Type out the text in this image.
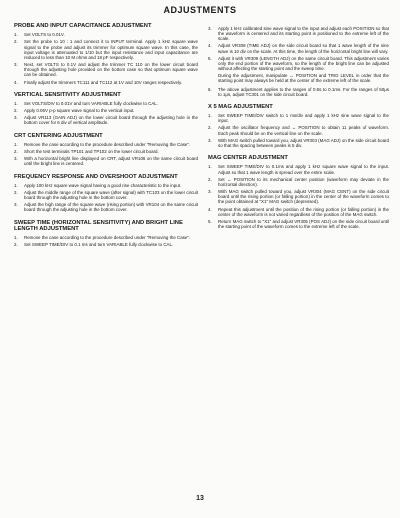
ADJUSTMENTS
PROBE AND INPUT CAPACITANCE ADJUSTMENT
1.	Set VOLTS to 0.01V.
2.	Set the probe to 10 : 1 and connect it to INPUT terminal. Apply 1 kHz square wave signal to the probe and adjust its trimmer for optimum square wave. In this case, the input voltage is attenuated to 1/10 but the input resistance and input capacitance are reduced to less than 10 M ohms and 18 pF respectively.
3.	Next, set VOLTS to 0.1V and adjust the trimmer TC 110 on the lower circuit board through the adjusting hole provided on the bottom case so that optimum square wave can be obtained.
4.	Finally adjust the trimmers TC111 and TC112 at 1V and 10V ranges respectively.
VERTICAL SENSITIVITY ADJUSTMENT
1.	Set VOLTS/DIV to 0.01V and turn VARIABLE fully clockwise to CAL.
2.	Apply 0.06V p-p square wave signal to the vertical input.
3.	Adjust VR113 (GAIN ADJ) on the lower circuit board through the adjusting hole in the bottom cover for 6 div of vertical amplitude.
CRT CENTERING ADJUSTMENT
1.	Remove the case according to the procedure described under "Removing the Case".
2.	Short the test terminals TP101 and TP102 on the lower circuit board.
3.	With a horizontal bright line displayed on CRT, adjust VR106 on the same circuit board until the bright line is centered.
FREQUENCY RESPONSE AND OVERSHOOT ADJUSTMENT
1.	Apply 100 kHz square wave signal having a good rise characteristic to the input.
2.	Adjust the middle range of the square wave (after signal) with TC103 on the lower circuit board through the adjusting hole in the bottom cover.
3.	Adjust the high range of the square wave (rising portion) with VR104 on the same circuit board through the adjusting hole in the bottom cover.
SWEEP TIME (HORIZONTAL SENSITIVITY) AND BRIGHT LINE LENGTH ADJUSTMENT
1.	Remove the case according to the procedure described under "Removing the Case".
2.	Set SWEEP TIME/DIV to 0.1 ms and turn VARIABLE fully clockwise to CAL.
3.	Apply 1 kHz calibrated sine wave signal to the input and adjust each POSITION so that the waveform is centered and its starting point is positioned to the extreme left of the scale.
4.	Adjust VR308 (TIME ADJ) on the side circuit board so that 1 wave length of the sine wave is 10 div on the scale. At this time, the length of the horizontal bright line will vary.
5.	Adjust it with VR309 (LENGTH ADJ) on the same circuit board. This adjustment varies only the end portion of the waveform, so the length of the bright line can be adjusted without affecting the starting point and the sweep time.
During the adjustment, manipulate ↔ POSITION and TRIG LEVEL in order that the starting point may always be held at the center of the extreme left of the scale.
6.	The above adjustment applies to the ranges of 0.5s to 0.1ms. For the ranges of 50μs to 1μs, adjust TC301 on the side circuit board.
X 5 MAG ADJUSTMENT
1.	Set SWEEP TIME/DIV switch to 1 ms/div and apply 1 kHz sine wave signal to the input.
2.	Adjust the oscillator frequency and ↔ POSITION to obtain 11 peaks of waveform. Each peak should be on the vertical line on the scale.
3.	With MAG switch pulled toward you, adjust VR303 (MAG ADJ) on the side circuit board so that the spacing between peaks is 5 div.
MAG CENTER ADJUSTMENT
1.	Set SWEEP TIME/DIV to 0.1ms and apply 1 kHz square wave signal to the input. Adjust so that 1 wave length is spread over the entire scale.
2.	Set ↔ POSITION to its mechanical center position (waveform may deviate in the horizontal direction).
3.	With MAG switch pulled toward you, adjust VR304 (MAG CENT) on the side circuit board until the rising portion (or falling portion) in the center of the waveform comes to the point obtained at "X1" MAG switch (depressed).
4.	Repeat this adjustment until the position of the rising portion (or falling portion) in the center of the waveform is not varied regardless of the position of the MAG switch.
5.	Return MAG switch to "X1" and adjust VR305 (POS ADJ) on the side circuit board until the starting point of the waveform comes to the extreme left of the scale.
13
